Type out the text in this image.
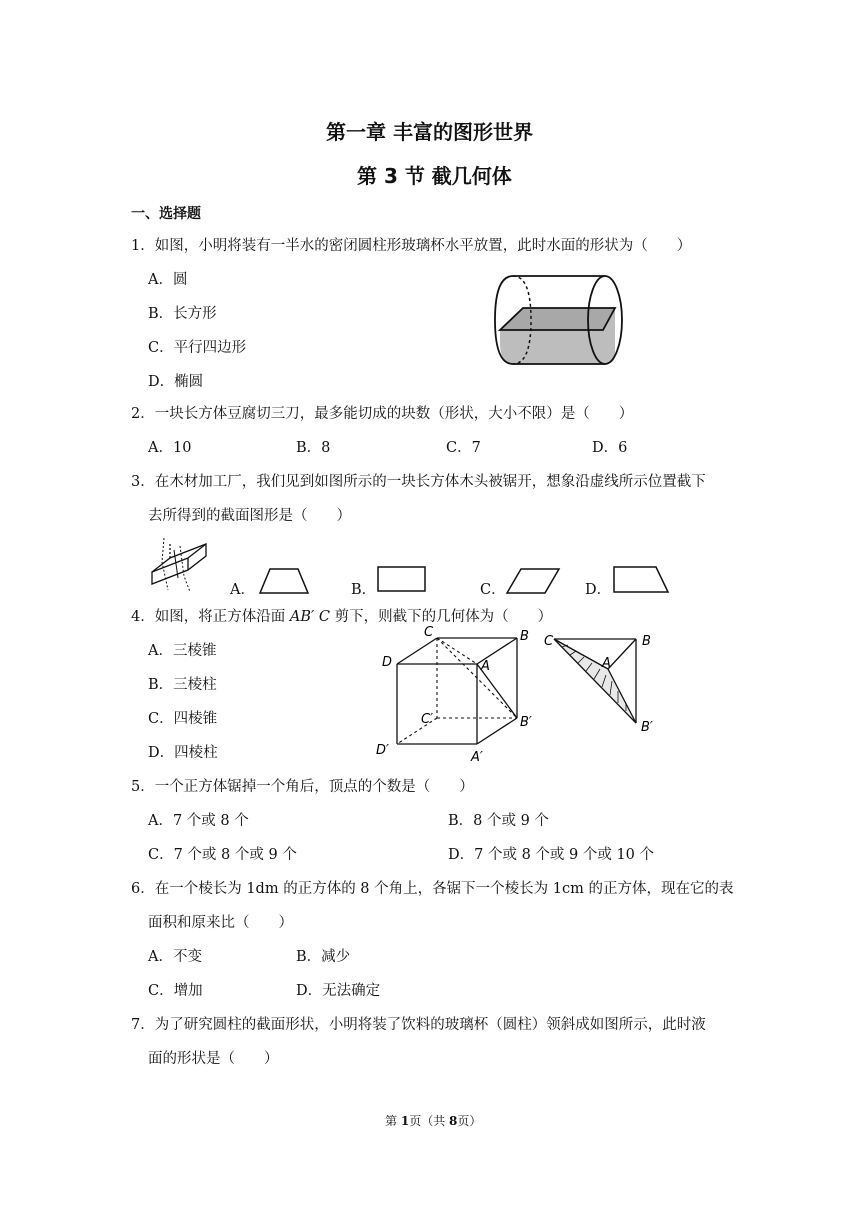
第一章 丰富的图形世界
第 3 节 截几何体
一、选择题
1．如图，小明将装有一半水的密闭圆柱形玻璃杯水平放置，此时水面的形状为（　　）
A．圆
B．长方形
C．平行四边形
D．椭圆
2．一块长方体豆腐切三刀，最多能切成的块数（形状，大小不限）是（　　）
A．10	B．8	C．7	D．6
3．在木材加工厂，我们见到如图所示的一块长方体木头被锯开，想象沿虚线所示位置截下
去所得到的截面图形是（　　）
A．	B．	C．	D．
4．如图，将正方体沿面 AB′ C 剪下，则截下的几何体为（　　）
A．三棱锥
B．三棱柱
C．四棱锥
D．四棱柱
C	B
D	A
C′	B′
D′	A′
C	B
A
B′
5．一个正方体锯掉一个角后，顶点的个数是（　　）
A．7 个或 8 个	B．8 个或 9 个
C．7 个或 8 个或 9 个	D．7 个或 8 个或 9 个或 10 个
6．在一个棱长为 1dm 的正方体的 8 个角上，各锯下一个棱长为 1cm 的正方体，现在它的表
面积和原来比（　　）
A．不变	B．减少
C．增加	D．无法确定
7．为了研究圆柱的截面形状，小明将装了饮料的玻璃杯（圆柱）领斜成如图所示，此时液
面的形状是（　　）
第 1页（共 8页）
